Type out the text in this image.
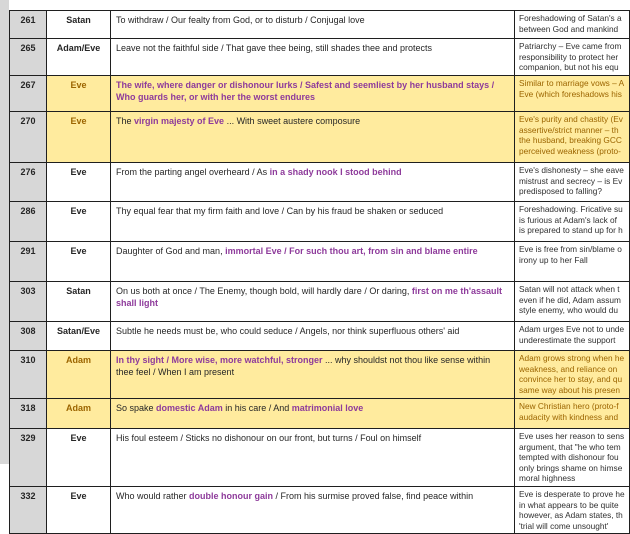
261	Satan	To withdraw / Our fealty from God, or to disturb / Conjugal love	Foreshadowing of Satan's a
between God and mankind

265	Adam/Eve	Leave not the faithful side / That gave thee being, still shades thee and protects	Patriarchy – Eve came from
responsibility to protect her
companion, but not his equ

267	Eve	The wife, where danger or dishonour lurks / Safest and seemliest by her husband stays / Who guards her, or with her the worst endures	Similar to marriage vows – A
Eve (which foreshadows his

270	Eve	The virgin majesty of Eve ... With sweet austere composure	Eve's purity and chastity (Ev
assertive/strict manner – th
the husband, breaking GCC
perceived weakness (proto-

276	Eve	From the parting angel overheard / As in a shady nook I stood behind	Eve's dishonesty – she eave
mistrust and secrecy – is Ev
predisposed to falling?

286	Eve	Thy equal fear that my firm faith and love / Can by his fraud be shaken or seduced	Foreshadowing. Fricative su
is furious at Adam's lack of
is prepared to stand up for h

291	Eve	Daughter of God and man, immortal Eve / For such thou art, from sin and blame entire	Eve is free from sin/blame o
irony up to her Fall

303	Satan	On us both at once / The Enemy, though bold, will hardly dare / Or daring, first on me th'assault shall light	Satan will not attack when t
even if he did, Adam assum
style enemy, who would du

308	Satan/Eve	Subtle he needs must be, who could seduce / Angels, nor think superfluous others' aid	Adam urges Eve not to unde
underestimate the support

310	Adam	In thy sight / More wise, more watchful, stronger ... why shouldst not thou like sense within thee feel / When I am present	Adam grows strong when he
weakness, and reliance on
convince her to stay, and qu
same way about his presen

318	Adam	So spake domestic Adam in his care / And matrimonial love	New Christian hero (proto-f
audacity with kindness and

329	Eve	His foul esteem / Sticks no dishonour on our front, but turns / Foul on himself	Eve uses her reason to sens
argument, that "he who tem
tempted with dishonour fou
only brings shame on himse
moral highness

332	Eve	Who would rather double honour gain / From his surmise proved false, find peace within	Eve is desperate to prove he
in what appears to be quite
however, as Adam states, th
'trial will come unsought'
